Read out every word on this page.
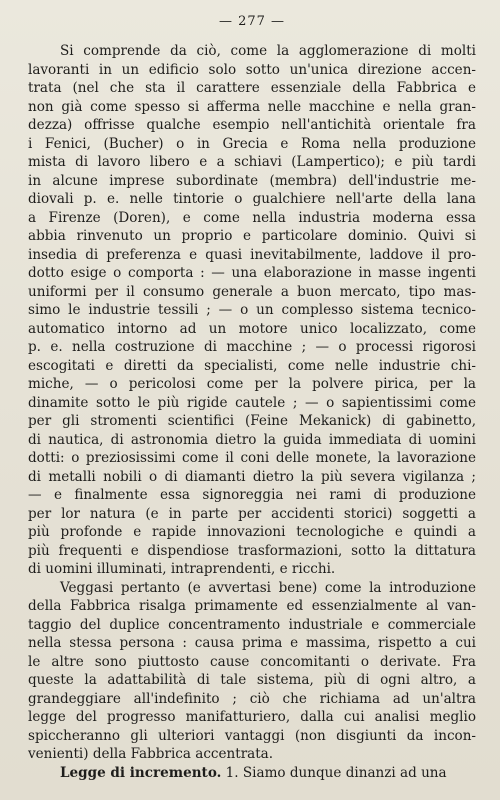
— 277 —
Si comprende da ciò, come la agglomerazione di molti
lavoranti in un edificio solo sotto un'unica direzione accen-
trata (nel che sta il carattere essenziale della Fabbrica e
non già come spesso si afferma nelle macchine e nella gran-
dezza) offrisse qualche esempio nell'antichità orientale fra
i Fenici, (Bucher) o in Grecia e Roma nella produzione
mista di lavoro libero e a schiavi (Lampertico); e più tardi
in alcune imprese subordinate (membra) dell'industrie me-
diovali p. e. nelle tintorie o gualchiere nell'arte della lana
a Firenze (Doren), e come nella industria moderna essa
abbia rinvenuto un proprio e particolare dominio. Quivi si
insedia di preferenza e quasi inevitabilmente, laddove il pro-
dotto esige o comporta : — una elaborazione in masse ingenti
uniformi per il consumo generale a buon mercato, tipo mas-
simo le industrie tessili ; — o un complesso sistema tecnico-
automatico intorno ad un motore unico localizzato, come
p. e. nella costruzione di macchine ; — o processi rigorosi
escogitati e diretti da specialisti, come nelle industrie chi-
miche, — o pericolosi come per la polvere pirica, per la
dinamite sotto le più rigide cautele ; — o sapientissimi come
per gli stromenti scientifici (Feine Mekanick) di gabinetto,
di nautica, di astronomia dietro la guida immediata di uomini
dotti: o preziosissimi come il coni delle monete, la lavorazione
di metalli nobili o di diamanti dietro la più severa vigilanza ;
— e finalmente essa signoreggia nei rami di produzione
per lor natura (e in parte per accidenti storici) soggetti a
più profonde e rapide innovazioni tecnologiche e quindi a
più frequenti e dispendiose trasformazioni, sotto la dittatura
di uomini illuminati, intraprendenti, e ricchi.
Veggasi pertanto (e avvertasi bene) come la introduzione
della Fabbrica risalga primamente ed essenzialmente al van-
taggio del duplice concentramento industriale e commerciale
nella stessa persona : causa prima e massima, rispetto a cui
le altre sono piuttosto cause concomitanti o derivate. Fra
queste la adattabilità di tale sistema, più di ogni altro, a
grandeggiare all'indefinito ; ciò che richiama ad un'altra
legge del progresso manifatturiero, dalla cui analisi meglio
spiccheranno gli ulteriori vantaggi (non disgiunti da incon-
venienti) della Fabbrica accentrata.
Legge di incremento. 1. Siamo dunque dinanzi ad una
